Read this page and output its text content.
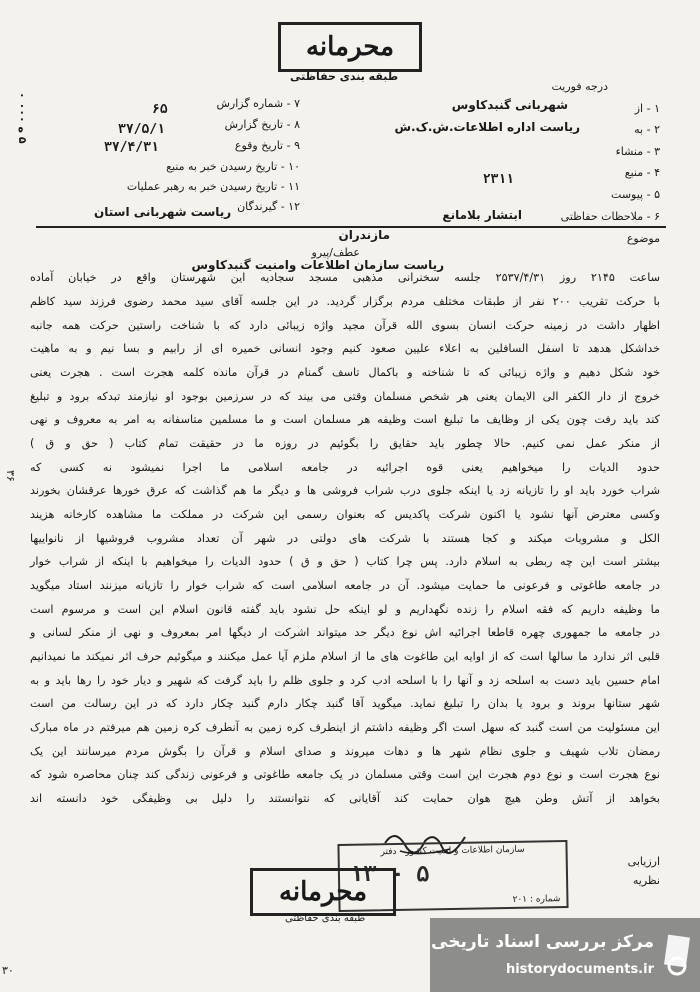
محرمانه
طبقه بندی حفاظتی
۵ ه ۰۰۰ ۰
۳۶
درجه فوریت
۱ - از
شهربانی گنبدکاوس
۲ - به
ریاست اداره اطلاعات.ش.ک.ش
۳ - منشاء
۴ - منبع
۲۳۱۱
۵ - پیوست
۶ - ملاحظات حفاظتی
ابتشار بلامانع
۷ - شماره گزارش
۶۵
۸ - تاریخ گزارش
۳۷/۵/۱
۹ - تاریخ وقوع
۳۷/۴/۳۱
۱۰ - تاریخ رسیدن خبر به منبع
۱۱ - تاریخ رسیدن خبر به رهبر عملیات
۱۲ - گیرندگان
ریاست شهربانی استان
موضوع
مازندران
عطف/پیرو
ریاست سازمان اطلاعات وامنیت گنبدکاوس
ساعت ۲۱۴۵ روز ۲۵۳۷/۴/۳۱ جلسه سخنرانی مذهبی مسجد سجادیه این شهرستان واقع در خیابان آماده
با حرکت تقریب ۲۰۰ نفر از طبقات مختلف مردم برگزار گردید. در این جلسه آقای سید محمد رضوی فرزند سید کاظم
اظهار داشت در زمینه حرکت انسان بسوی الله قرآن مجید واژه زیبائی دارد که با شناخت راستین حرکت همه جانبه
خداشکل هدهد تا اسفل السافلین به اعلاء علیین صعود کنیم وجود انسانی خمیره ای از رابیم و بسا نیم و به ماهیت
خود شکل دهیم و واژه زیبائی که تا شناخته و باکمال تاسف گمنام در قرآن مانده کلمه هجرت است . هجرت یعنی
خروج از دار الکفر الی الایمان یعنی هر شخص مسلمان وقتی می بیند که در سرزمین بوجود او نیازمند تبدکه برود و تبلیغ
کند باید رفت چون یکی از وظایف ما تبلیغ است وظیفه هر مسلمان است و ما مسلمین متاسفانه به امر به معروف و نهی
از منکر عمل نمی کنیم. حالا چطور باید حقایق را بگوئیم در روزه ما در حقیقت تمام کتاب ( حق و ق )
حدود الدیات را میخواهیم یعنی قوه اجرائیه در جامعه اسلامی ما اجرا نمیشود نه کسی که
شراب خورد باید او را تازیانه زد یا اینکه جلوی درب شراب فروشی ها و دیگر ما هم گذاشت که عرق خورها عرقشان بخورند
وکسی معترض آنها نشود یا اکنون شرکت پاکدیس که بعنوان رسمی این شرکت در مملکت ما مشاهده کارخانه هزیند
الکل و مشروبات میکند و کجا هستند با شرکت های دولتی در شهر آن تعداد مشروب فروشیها از نانواییها
بیشتر است این چه ربطی به اسلام دارد. پس چرا کتاب ( حق و ق ) حدود الدیات را میخواهیم با اینکه از شراب خوار
در جامعه طاغوتی و فرعونی ما حمایت میشود. آن در جامعه اسلامی است که شراب خوار را تازیانه میزنند استاد میگوید
ما وظیفه داریم که فقه اسلام را زنده نگهداریم و لو اینکه حل نشود باید گفته قانون اسلام این است و مرسوم است
در جامعه ما جمهوری چهره قاطعا اجرائیه اش نوع دیگر حد میتواند اشرکت ار دیگها امر بمعروف و نهی از منکر لسانی و
قلبی اثر ندارد ما سالها است که از اوایه این طاغوت های ما از اسلام ملزم آیا عمل میکنند و میگوئیم حرف اثر نمیکند ما نمیدانیم
امام حسین باید دست به اسلحه زد و آنها را با اسلحه ادب کرد و جلوی ظلم را باید گرفت که شهیر و دیار خود را رها باید و به
شهر ستانها بروند و برود یا بدان را تبلیغ نماید. میگوید آقا گنبد چکار دارم گنبد چکار دارد که در این رسالت من است
این مسئولیت من است گنبد که سهل است اگر وظیفه داشتم از اینطرف کره زمین به آنطرف کره زمین هم میرفتم در ماه مبارک
رمضان تلاب شهیف و جلوی نظام شهر ها و دهات میروند و صدای اسلام و قرآن را بگوش مردم میرسانند این یک
نوع هجرت است و نوع دوم هجرت این است وقتی مسلمان در یک جامعه طاغوتی و فرعونی زندگی کند چنان محاصره شود که
بخواهد از آتش وطن هیچ هوان حمایت کند آقایانی که نتوانستند را دلیل بی وظیفگی خود دانسته اند
ارزیابی
نظریه
سازمان اطلاعات و امنیت کشور - دفتر
شماره : ۲۰۱
۱۳ - ۵
محرمانه
طبقه بندی حفاظتی
مرکز بررسی اسناد تاریخی
historydocuments.ir
۳۰
